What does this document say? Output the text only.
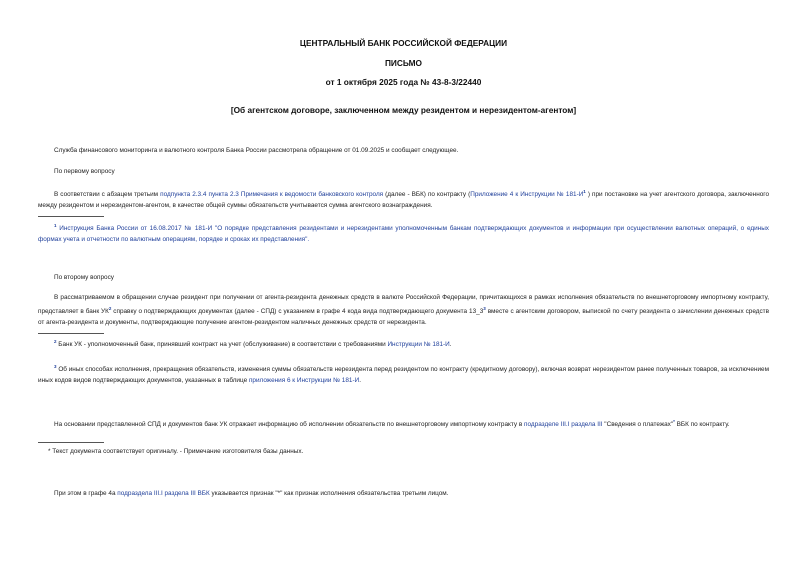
ЦЕНТРАЛЬНЫЙ БАНК РОССИЙСКОЙ ФЕДЕРАЦИИ
ПИСЬМО
от 1 октября 2025 года № 43-8-3/22440
[Об агентском договоре, заключенном между резидентом и нерезидентом-агентом]
Служба финансового мониторинга и валютного контроля Банка России рассмотрела обращение от 01.09.2025 и сообщает следующее.
По первому вопросу
В соответствии с абзацем третьим подпункта 2.3.4 пункта 2.3 Примечания к ведомости банковского контроля (далее - ВБК) по контракту (Приложение 4 к Инструкции № 181-И$^1$ ) при постановке на учет агентского договора, заключенного между резидентом и нерезидентом-агентом, в качестве общей суммы обязательств учитывается сумма агентского вознаграждения.
$^1$ Инструкция Банка России от 16.08.2017 № 181-И "О порядке представления резидентами и нерезидентами уполномоченным банкам подтверждающих документов и информации при осуществлении валютных операций, о единых формах учета и отчетности по валютным операциям, порядке и сроках их представления".
По второму вопросу
В рассматриваемом в обращении случае резидент при получении от агента-резидента денежных средств в валюте Российской Федерации, причитающихся в рамках исполнения обязательств по внешнеторговому импортному контракту, представляет в банк УК$^2$ справку о подтверждающих документах (далее - СПД) с указанием в графе 4 кода вида подтверждающего документа 13_3$^3$ вместе с агентским договором, выпиской по счету резидента о зачислении денежных средств от агента-резидента и документы, подтверждающие получение агентом-резидентом наличных денежных средств от нерезидента.
$^2$ Банк УК - уполномоченный банк, принявший контракт на учет (обслуживание) в соответствии с требованиями Инструкции № 181-И.
$^3$ Об иных способах исполнения, прекращения обязательств, изменения суммы обязательств нерезидента перед резидентом по контракту (кредитному договору), включая возврат нерезидентом ранее полученных товаров, за исключением иных кодов видов подтверждающих документов, указанных в таблице приложения 6 к Инструкции № 181-И.
На основании представленной СПД и документов банк УК отражает информацию об исполнении обязательств по внешнеторговому импортному контракту в подразделе III.I раздела III "Сведения о платежах"* ВБК по контракту.
* Текст документа соответствует оригиналу. - Примечание изготовителя базы данных.
При этом в графе 4а подраздела III.I раздела III ВБК указывается признак "*" как признак исполнения обязательства третьим лицом.
